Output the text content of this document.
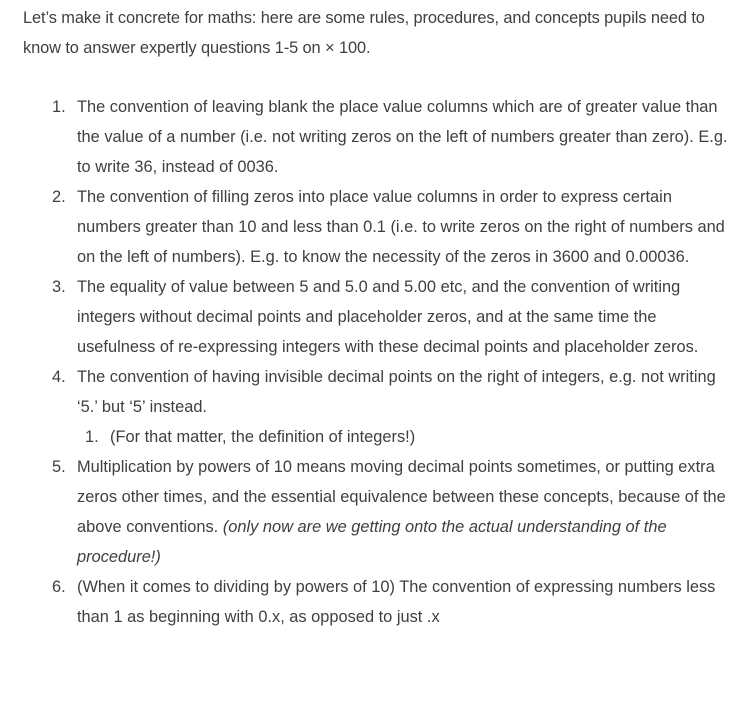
Let’s make it concrete for maths: here are some rules, procedures, and concepts pupils need to know to answer expertly questions 1-5 on × 100.

1. The convention of leaving blank the place value columns which are of greater value than the value of a number (i.e. not writing zeros on the left of numbers greater than zero). E.g. to write 36, instead of 0036.
2. The convention of filling zeros into place value columns in order to express certain numbers greater than 10 and less than 0.1 (i.e. to write zeros on the right of numbers and on the left of numbers). E.g. to know the necessity of the zeros in 3600 and 0.00036.
3. The equality of value between 5 and 5.0 and 5.00 etc, and the convention of writing integers without decimal points and placeholder zeros, and at the same time the usefulness of re-expressing integers with these decimal points and placeholder zeros.
4. The convention of having invisible decimal points on the right of integers, e.g. not writing ‘5.’ but ‘5’ instead.
1. (For that matter, the definition of integers!)
5. Multiplication by powers of 10 means moving decimal points sometimes, or putting extra zeros other times, and the essential equivalence between these concepts, because of the above conventions. (only now are we getting onto the actual understanding of the procedure!)
6. (When it comes to dividing by powers of 10) The convention of expressing numbers less than 1 as beginning with 0.x, as opposed to just .x
